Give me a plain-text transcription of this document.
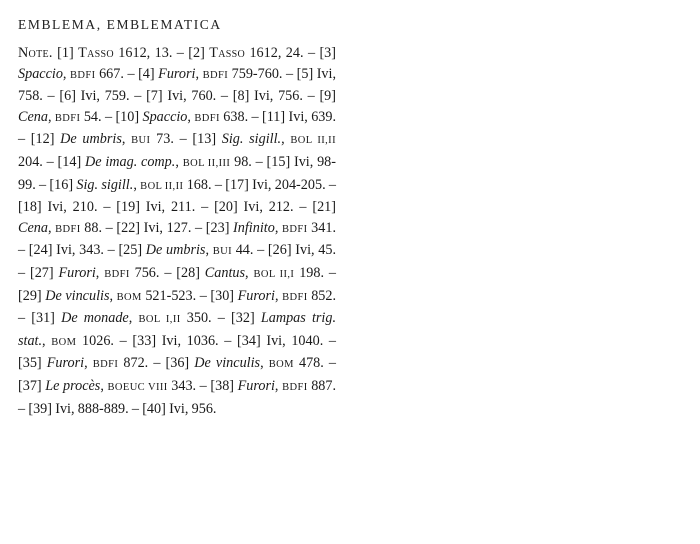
EMBLEMA, EMBLEMATICA
Note. [1] Tasso 1612, 13. – [2] Tasso 1612, 24. – [3] Spaccio, BDFI 667. – [4] Furori, BDFI 759-760. – [5] Ivi, 758. – [6] Ivi, 759. – [7] Ivi, 760. – [8] Ivi, 756. – [9] Cena, BDFI 54. – [10] Spaccio, BDFI 638. – [11] Ivi, 639. – [12] De umbris, BUI 73. – [13] Sig. sigill., BOL II,II 204. – [14] De imag. comp., BOL II,III 98. – [15] Ivi, 98-99. – [16] Sig. sigill., BOL II,II 168. – [17] Ivi, 204-205. – [18] Ivi, 210. – [19] Ivi, 211. – [20] Ivi, 212. – [21] Cena, BDFI 88. – [22] Ivi, 127. – [23] Infinito, BDFI 341. – [24] Ivi, 343. – [25] De umbris, BUI 44. – [26] Ivi, 45. – [27] Furori, BDFI 756. – [28] Cantus, BOL II,I 198. – [29] De vinculis, BOM 521-523. – [30] Furori, BDFI 852. – [31] De monade, BOL I,II 350. – [32] Lampas trig. stat., BOM 1026. – [33] Ivi, 1036. – [34] Ivi, 1040. – [35] Furori, BDFI 872. – [36] De vinculis, BOM 478. – [37] Le procès, BOEUC VIII 343. – [38] Furori, BDFI 887. – [39] Ivi, 888-889. – [40] Ivi, 956.
